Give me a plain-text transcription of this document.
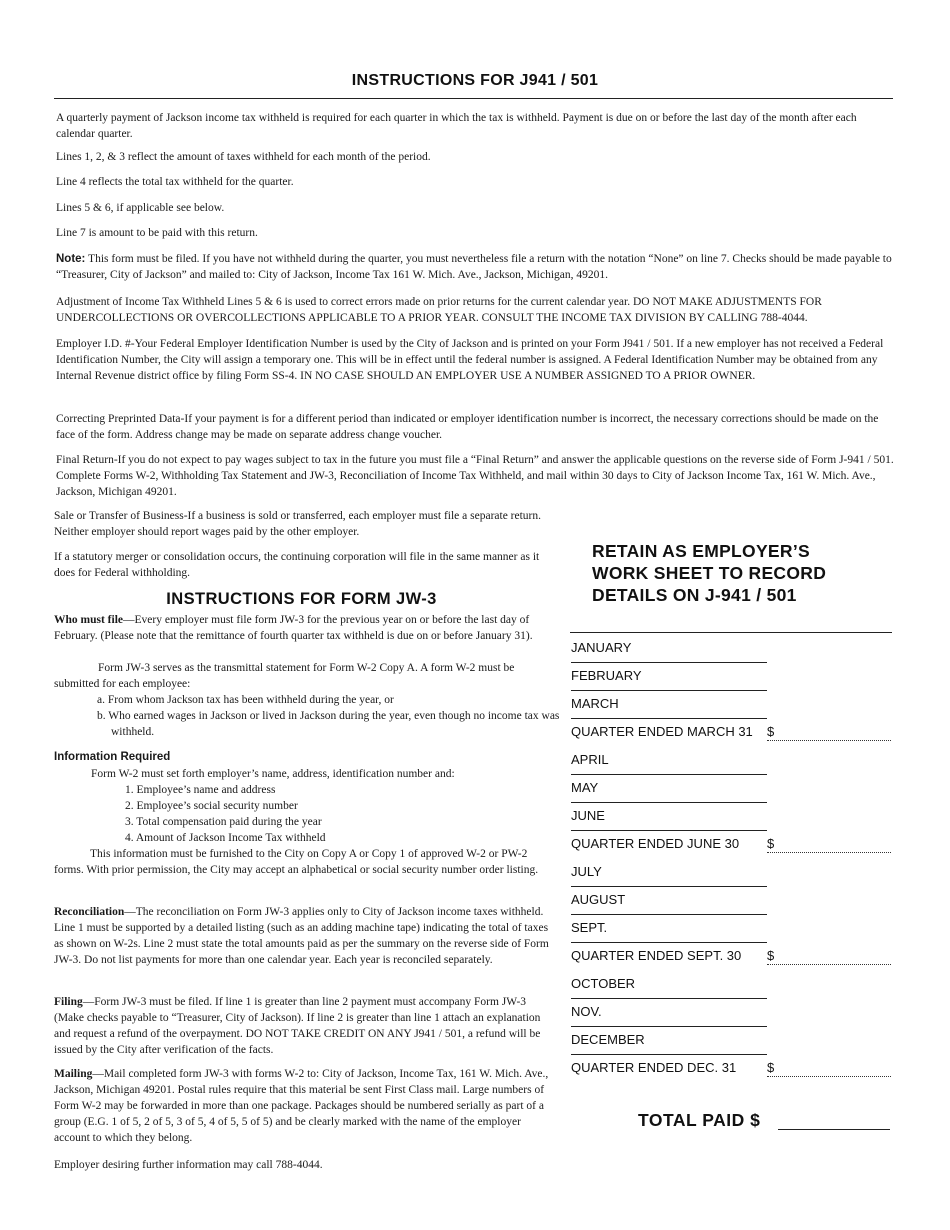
INSTRUCTIONS FOR J941 / 501
A quarterly payment of Jackson income tax withheld is required for each quarter in which the tax is withheld. Payment is due on or before the last day of the month after each calendar quarter.
Lines 1, 2, & 3 reflect the amount of taxes withheld for each month of the period.
Line 4 reflects the total tax withheld for the quarter.
Lines 5 & 6, if applicable see below.
Line 7 is amount to be paid with this return.
Note: This form must be filed. If you have not withheld during the quarter, you must nevertheless file a return with the notation “None” on line 7. Checks should be made payable to “Treasurer, City of Jackson” and mailed to: City of Jackson, Income Tax 161 W. Mich. Ave., Jackson, Michigan, 49201.
Adjustment of Income Tax Withheld Lines 5 & 6 is used to correct errors made on prior returns for the current calendar year. DO NOT MAKE ADJUSTMENTS FOR UNDERCOLLECTIONS OR OVERCOLLECTIONS APPLICABLE TO A PRIOR YEAR. CONSULT THE INCOME TAX DIVISION BY CALLING 788-4044.
Employer I.D. #-Your Federal Employer Identification Number is used by the City of Jackson and is printed on your Form J941 / 501. If a new employer has not received a Federal Identification Number, the City will assign a temporary one. This will be in effect until the federal number is assigned. A Federal Identification Number may be obtained from any Internal Revenue district office by filing Form SS-4. IN NO CASE SHOULD AN EMPLOYER USE A NUMBER ASSIGNED TO A PRIOR OWNER.
Correcting Preprinted Data-If your payment is for a different period than indicated or employer identification number is incorrect, the necessary corrections should be made on the face of the form. Address change may be made on separate address change voucher.
Final Return-If you do not expect to pay wages subject to tax in the future you must file a “Final Return” and answer the applicable questions on the reverse side of Form J-941 / 501. Complete Forms W-2, Withholding Tax Statement and JW-3, Reconciliation of Income Tax Withheld, and mail within 30 days to City of Jackson Income Tax, 161 W. Mich. Ave., Jackson, Michigan 49201.
Sale or Transfer of Business-If a business is sold or transferred, each employer must file a separate return. Neither employer should report wages paid by the other employer.
If a statutory merger or consolidation occurs, the continuing corporation will file in the same manner as it does for Federal withholding.
INSTRUCTIONS FOR FORM JW-3
Who must file—Every employer must file form JW-3 for the previous year on or before the last day of February. (Please note that the remittance of fourth quarter tax withheld is due on or before January 31).
Form JW-3 serves as the transmittal statement for Form W-2 Copy A. A form W-2 must be submitted for each employee:
a. From whom Jackson tax has been withheld during the year, or
b. Who earned wages in Jackson or lived in Jackson during the year, even though no income tax was withheld.
Information Required
Form W-2 must set forth employer’s name, address, identification number and:
1. Employee’s name and address
2. Employee’s social security number
3. Total compensation paid during the year
4. Amount of Jackson Income Tax withheld
This information must be furnished to the City on Copy A or Copy 1 of approved W-2 or PW-2 forms. With prior permission, the City may accept an alphabetical or social security number order listing.
Reconciliation—The reconciliation on Form JW-3 applies only to City of Jackson income taxes withheld. Line 1 must be supported by a detailed listing (such as an adding machine tape) indicating the total of taxes as shown on W-2s. Line 2 must state the total amounts paid as per the summary on the reverse side of Form JW-3. Do not list payments for more than one calendar year. Each year is reconciled separately.
Filing—Form JW-3 must be filed. If line 1 is greater than line 2 payment must accompany Form JW-3 (Make checks payable to “Treasurer, City of Jackson). If line 2 is greater than line 1 attach an explanation and request a refund of the overpayment. DO NOT TAKE CREDIT ON ANY J941 / 501, a refund will be issued by the City after verification of the facts.
Mailing—Mail completed form JW-3 with forms W-2 to: City of Jackson, Income Tax, 161 W. Mich. Ave., Jackson, Michigan 49201. Postal rules require that this material be sent First Class mail. Large numbers of Form W-2 may be forwarded in more than one package. Packages should be numbered serially as part of a group (E.G. 1 of 5, 2 of 5, 3 of 5, 4 of 5, 5 of 5) and be clearly marked with the name of the employer account to which they belong.
Employer desiring further information may call 788-4044.
RETAIN AS EMPLOYER’S
WORK SHEET TO RECORD
DETAILS ON J-941 / 501
JANUARY
FEBRUARY
MARCH
QUARTER ENDED MARCH 31 $
APRIL
MAY
JUNE
QUARTER ENDED JUNE 30 $
JULY
AUGUST
SEPT.
QUARTER ENDED SEPT. 30 $
OCTOBER
NOV.
DECEMBER
QUARTER ENDED DEC. 31 $
TOTAL PAID $
